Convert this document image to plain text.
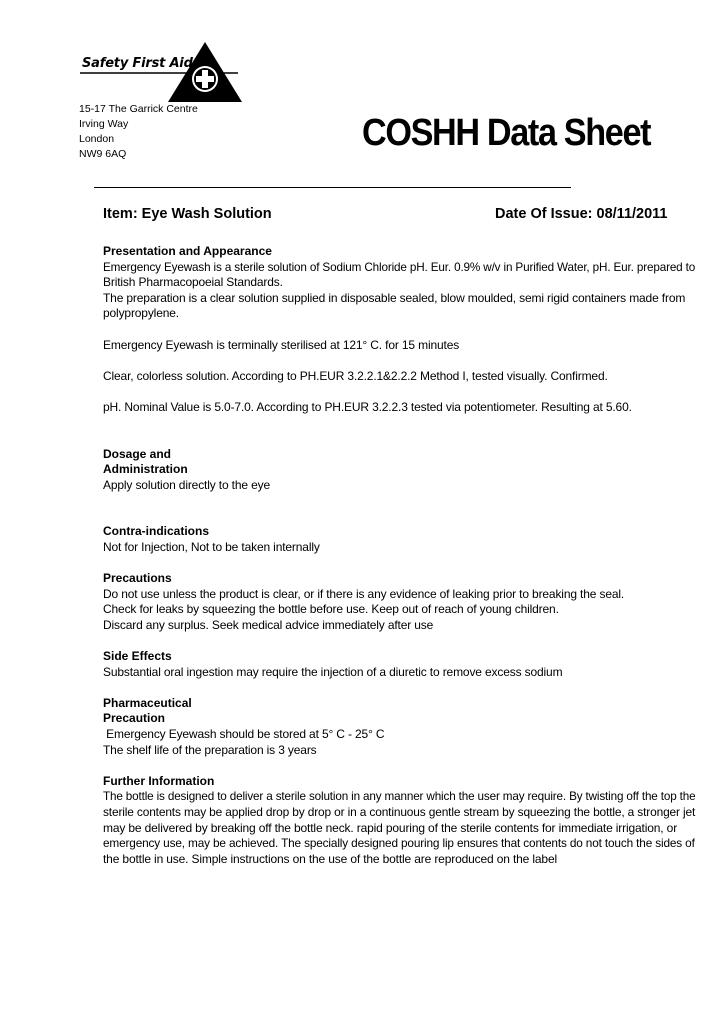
Safety First Aid
15-17 The Garrick Centre
Irving Way
London
NW9 6AQ	COSHH Data Sheet
Item: Eye Wash Solution	Date Of Issue: 08/11/2011
Presentation and Appearance
Emergency Eyewash is a sterile solution of Sodium Chloride pH. Eur. 0.9% w/v in Purified Water, pH. Eur. prepared to
British Pharmacopoeial Standards.
The preparation is a clear solution supplied in disposable sealed, blow moulded, semi rigid containers made from
polypropylene.
Emergency Eyewash is terminally sterilised at 121° C. for 15 minutes
Clear, colorless solution. According to PH.EUR 3.2.2.1&2.2.2 Method I, tested visually. Confirmed.
pH. Nominal Value is 5.0-7.0. According to PH.EUR 3.2.2.3 tested via potentiometer. Resulting at 5.60.
Dosage and
Administration
Apply solution directly to the eye
Contra-indications
Not for Injection, Not to be taken internally
Precautions
Do not use unless the product is clear, or if there is any evidence of leaking prior to breaking the seal.
Check for leaks by squeezing the bottle before use. Keep out of reach of young children.
Discard any surplus. Seek medical advice immediately after use
Side Effects
Substantial oral ingestion may require the injection of a diuretic to remove excess sodium
Pharmaceutical
Precaution
Emergency Eyewash should be stored at 5° C - 25° C
The shelf life of the preparation is 3 years
Further Information
The bottle is designed to deliver a sterile solution in any manner which the user may require. By twisting off the top the
sterile contents may be applied drop by drop or in a continuous gentle stream by squeezing the bottle, a stronger jet
may be delivered by breaking off the bottle neck. rapid pouring of the sterile contents for immediate irrigation, or
emergency use, may be achieved. The specially designed pouring lip ensures that contents do not touch the sides of
the bottle in use. Simple instructions on the use of the bottle are reproduced on the label
